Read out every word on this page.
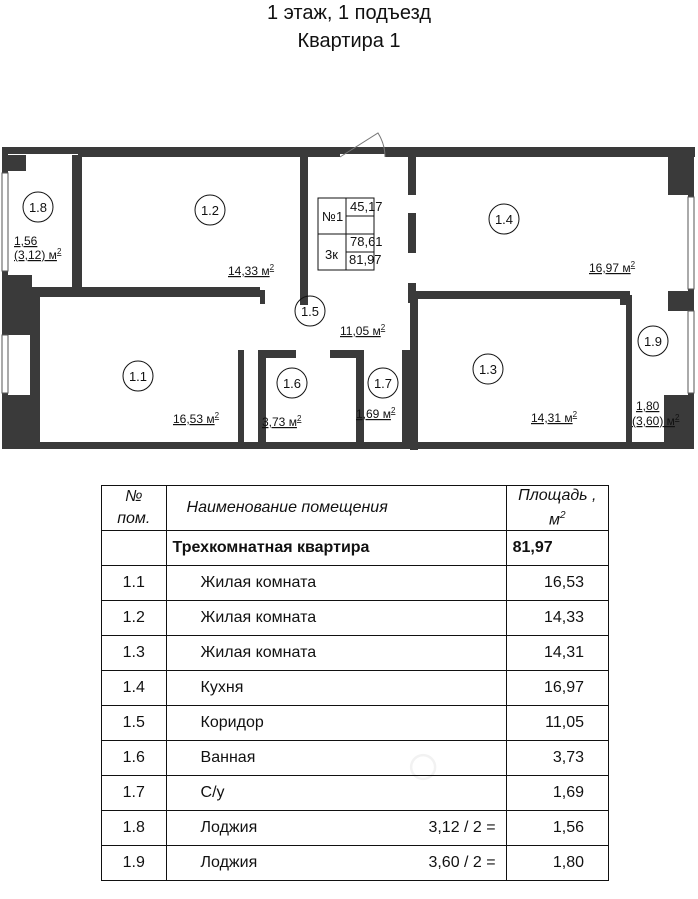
1 этаж, 1 подъезд
Квартира 1
1.8	1.2
1.4
1.5
1.1	1.6	1.7
1.3
1.9
1,56
(3,12) $м^2$
14,33 $м^2$	16,97 $м^2$
11,05 $м^2$
16,53 $м^2$	3,73 $м^2$	1,69 $м^2$
14,31 $м^2$
1,80
(3,60) $м^2$
№1
3к
45,17
78,61
81,97
○
№
пом.	Наименование помещения	Площадь ,
$м^2$
	Трехкомнатная квартира	81,97
1.1	Жилая комната	16,53
1.2	Жилая комната	14,33
1.3	Жилая комната	14,31
1.4	Кухня	16,97
1.5	Коридор	11,05
1.6	Ванная	3,73
1.7	С/у	1,69
1.8	Лоджия 3,12 / 2 =	1,56
1.9	Лоджия 3,60 / 2 =	1,80
